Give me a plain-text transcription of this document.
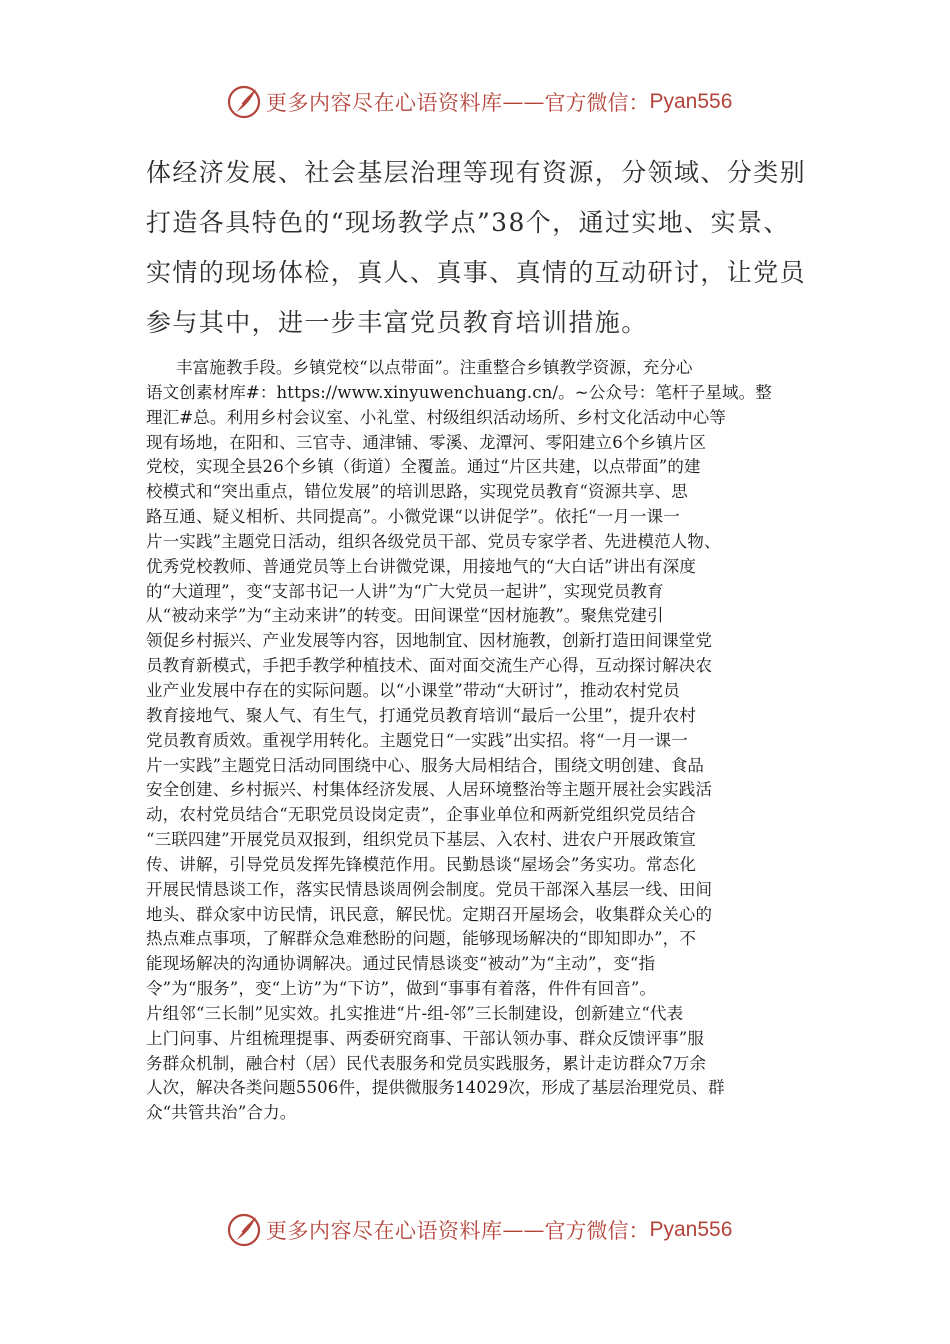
更多内容尽在心语资料库 —— 官方微信： Pyan556
体经济发展、社会基层治理等现有资源，分领域、分类别
打造各具特色的“现场教学点”38个，通过实地、实景、
实情的现场体检，真人、真事、真情的互动研讨，让党员
参与其中，进一步丰富党员教育培训措施。
丰富施教手段。乡镇党校“以点带面”。注重整合乡镇教学资源，充分心
语文创素材库#：https://www.xinyuwenchuang.cn/。~公众号：笔杆子星域。整
理汇#总。利用乡村会议室、小礼堂、村级组织活动场所、乡村文化活动中心等
现有场地，在阳和、三官寺、通津铺、零溪、龙潭河、零阳建立6个乡镇片区
党校，实现全县26个乡镇（街道）全覆盖。通过“片区共建，以点带面”的建
校模式和“突出重点，错位发展”的培训思路，实现党员教育“资源共享、思
路互通、疑义相析、共同提高”。小微党课“以讲促学”。依托“一月一课一
片一实践”主题党日活动，组织各级党员干部、党员专家学者、先进模范人物、
优秀党校教师、普通党员等上台讲微党课，用接地气的“大白话”讲出有深度
的“大道理”，变“支部书记一人讲”为“广大党员一起讲”，实现党员教育
从“被动来学”为“主动来讲”的转变。田间课堂“因材施教”。聚焦党建引
领促乡村振兴、产业发展等内容，因地制宜、因材施教，创新打造田间课堂党
员教育新模式，手把手教学种植技术、面对面交流生产心得，互动探讨解决农
业产业发展中存在的实际问题。以“小课堂”带动“大研讨”，推动农村党员
教育接地气、聚人气、有生气，打通党员教育培训“最后一公里”，提升农村
党员教育质效。重视学用转化。主题党日“一实践”出实招。将“一月一课一
片一实践”主题党日活动同围绕中心、服务大局相结合，围绕文明创建、食品
安全创建、乡村振兴、村集体经济发展、人居环境整治等主题开展社会实践活
动，农村党员结合“无职党员设岗定责”，企事业单位和两新党组织党员结合
“三联四建”开展党员双报到，组织党员下基层、入农村、进农户开展政策宣
传、讲解，引导党员发挥先锋模范作用。民勤恳谈“屋场会”务实功。常态化
开展民情恳谈工作，落实民情恳谈周例会制度。党员干部深入基层一线、田间
地头、群众家中访民情，讯民意，解民忧。定期召开屋场会，收集群众关心的
热点难点事项，了解群众急难愁盼的问题，能够现场解决的“即知即办”，不
能现场解决的沟通协调解决。通过民情恳谈变“被动”为“主动”，变“指
令”为“服务”，变“上访”为“下访”，做到“事事有着落，件件有回音”。
片组邻“三长制”见实效。扎实推进“片-组-邻”三长制建设，创新建立“代表
上门问事、片组梳理提事、两委研究商事、干部认领办事、群众反馈评事”服
务群众机制，融合村（居）民代表服务和党员实践服务，累计走访群众7万余
人次，解决各类问题5506件，提供微服务14029次，形成了基层治理党员、群
众“共管共治”合力。
更多内容尽在心语资料库 —— 官方微信： Pyan556
